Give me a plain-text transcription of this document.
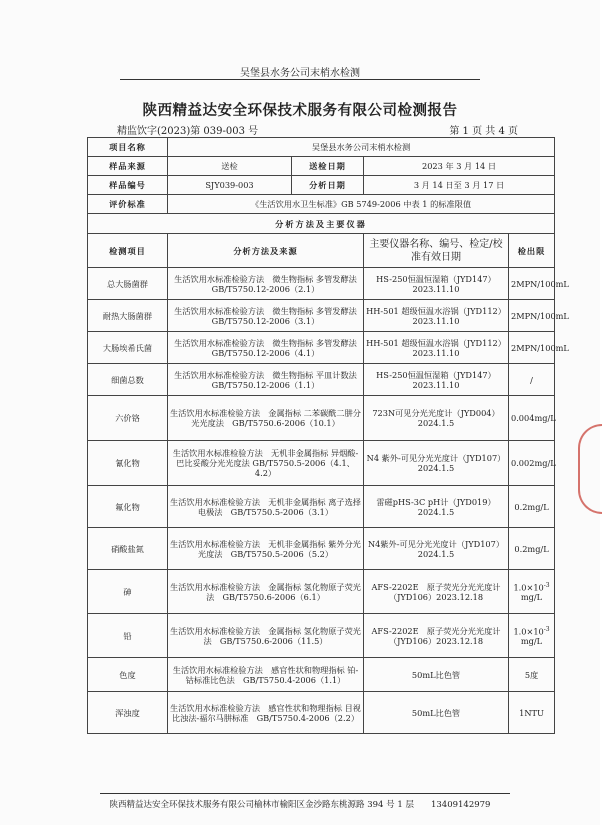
吴堡县水务公司末梢水检测
陕西精益达安全环保技术服务有限公司检测报告
精监饮字(2023)第 039-003 号	第 1 页 共 4 页
项目名称	吴堡县水务公司末梢水检测			
样品来源	送检	送检日期	2023 年 3 月 14 日	
样品编号	SJY039-003	分析日期	3 月 14 日至 3 月 17 日	
评价标准	《生活饮用水卫生标准》GB 5749-2006 中表 1 的标准限值			
分析方法及主要仪器				
检测项目	分析方法及来源		主要仪器名称、编号、检定/校准有效日期	检出限
总大肠菌群	生活饮用水标准检验方法　微生物指标 多管发酵法　GB/T5750.12-2006（2.1）		HS-250恒温恒湿箱（JYD147）2023.11.10	2MPN/100mL
耐热大肠菌群	生活饮用水标准检验方法　微生物指标 多管发酵法　GB/T5750.12-2006（3.1）		HH-501 超级恒温水浴锅（JYD112）2023.11.10	2MPN/100mL
大肠埃希氏菌	生活饮用水标准检验方法　微生物指标 多管发酵法　GB/T5750.12-2006（4.1）		HH-501 超级恒温水浴锅（JYD112）2023.11.10	2MPN/100mL
细菌总数	生活饮用水标准检验方法　微生物指标 平皿计数法　GB/T5750.12-2006（1.1）		HS-250恒温恒湿箱（JYD147）2023.11.10	/
六价铬	生活饮用水标准检验方法　金属指标 二苯碳酰二肼分光光度法　GB/T5750.6-2006（10.1）		723N可见分光光度计（JYD004）2024.1.5	0.004mg/L
氰化物	生活饮用水标准检验方法　无机非金属指标 异烟酸-巴比妥酸分光光度法 GB/T5750.5-2006（4.1、4.2）		N4 紫外-可见分光光度计（JYD107）2024.1.5	0.002mg/L
氟化物	生活饮用水标准检验方法　无机非金属指标 离子选择电极法　GB/T5750.5-2006（3.1）		雷磁pHS-3C pH计（JYD019）2024.1.5	0.2mg/L
硝酸盐氮	生活饮用水标准检验方法　无机非金属指标 紫外分光光度法　GB/T5750.5-2006（5.2）		N4紫外-可见分光光度计（JYD107）2024.1.5	0.2mg/L
砷	生活饮用水标准检验方法　金属指标 氢化物原子荧光法　GB/T5750.6-2006（6.1）		AFS-2202E　原子荧光分光光度计（JYD106）2023.12.18	$1.0\times 10^{-3}$
mg/L
铅	生活饮用水标准检验方法　金属指标 氢化物原子荧光法　GB/T5750.6-2006（11.5）		AFS-2202E　原子荧光分光光度计（JYD106）2023.12.18	$1.0\times 10^{-3}$
mg/L
色度	生活饮用水标准检验方法　感官性状和物理指标 铂-钴标准比色法　GB/T5750.4-2006（1.1）		50mL比色管	5度
浑浊度	生活饮用水标准检验方法　感官性状和物理指标 目视比浊法-福尔马肼标准　GB/T5750.4-2006（2.2）		50mL比色管	1NTU
陕西精益达安全环保技术服务有限公司榆林市榆阳区金沙路东桃源路 394 号 1 层　　13409142979
